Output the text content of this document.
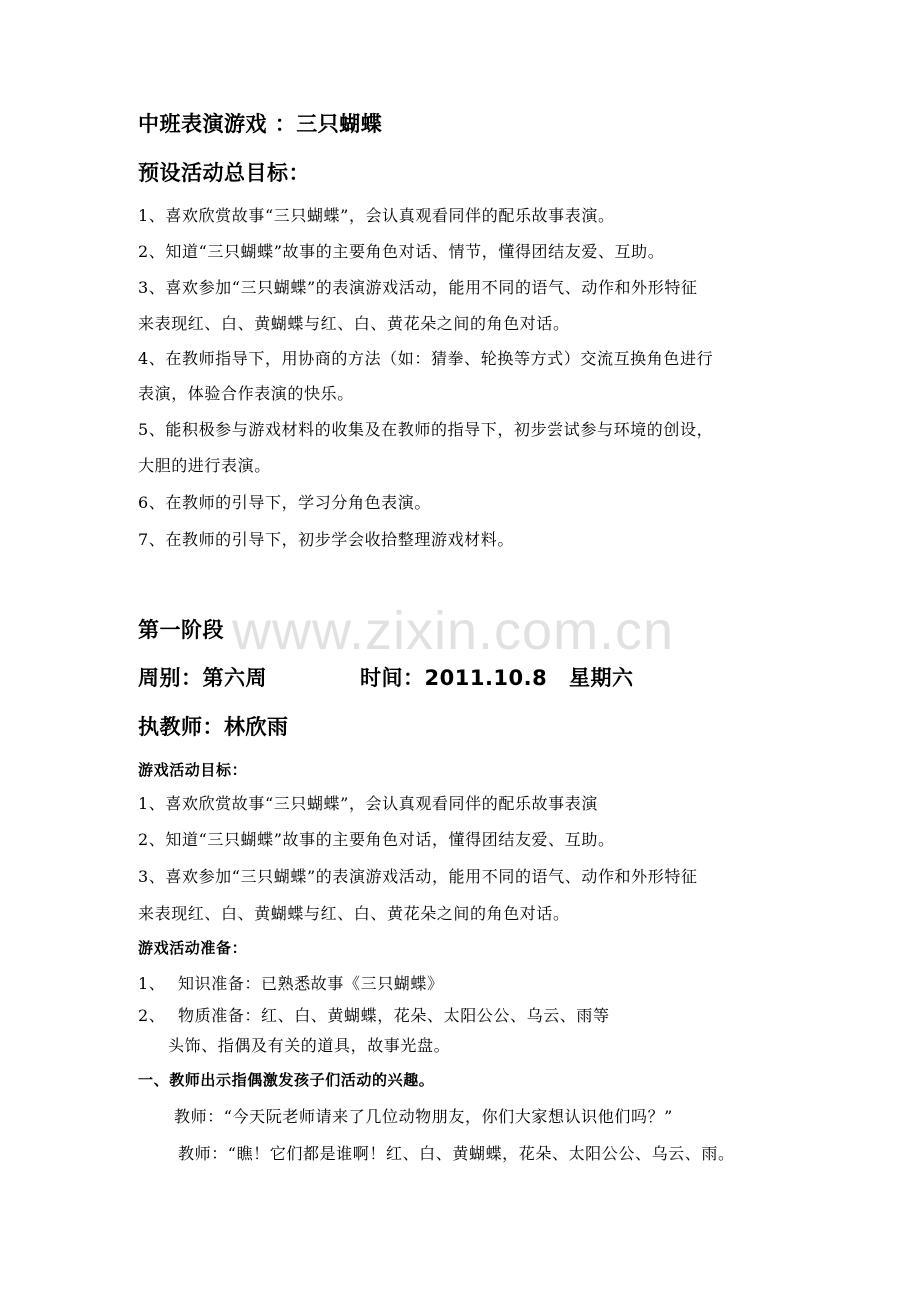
www.zixin.com.cn
中班表演游戏 ：三只蝴蝶
预设活动总目标：
1、喜欢欣赏故事“三只蝴蝶”，会认真观看同伴的配乐故事表演。
2、知道“三只蝴蝶”故事的主要角色对话、情节，懂得团结友爱、互助。
3、喜欢参加“三只蝴蝶”的表演游戏活动，能用不同的语气、动作和外形特征
来表现红、白、黄蝴蝶与红、白、黄花朵之间的角色对话。
4、在教师指导下，用协商的方法（如：猜拳、轮换等方式）交流互换角色进行
表演，体验合作表演的快乐。
5、能积极参与游戏材料的收集及在教师的指导下，初步尝试参与环境的创设，
大胆的进行表演。
6、在教师的引导下，学习分角色表演。
7、在教师的引导下，初步学会收拾整理游戏材料。
第一阶段
周别：第六周	时间：2011.10.8 星期六
执教师：林欣雨
游戏活动目标：
1、喜欢欣赏故事“三只蝴蝶”，会认真观看同伴的配乐故事表演
2、知道“三只蝴蝶”故事的主要角色对话，懂得团结友爱、互助。
3、喜欢参加“三只蝴蝶”的表演游戏活动，能用不同的语气、动作和外形特征
来表现红、白、黄蝴蝶与红、白、黄花朵之间的角色对话。
游戏活动准备：
1、 知识准备：已熟悉故事《三只蝴蝶》
2、 物质准备：红、白、黄蝴蝶，花朵、太阳公公、乌云、雨等
头饰、指偶及有关的道具，故事光盘。
一、教师出示指偶激发孩子们活动的兴趣。
教师：“今天阮老师请来了几位动物朋友，你们大家想认识他们吗？”
教师：“瞧！它们都是谁啊！红、白、黄蝴蝶，花朵、太阳公公、乌云、雨。
